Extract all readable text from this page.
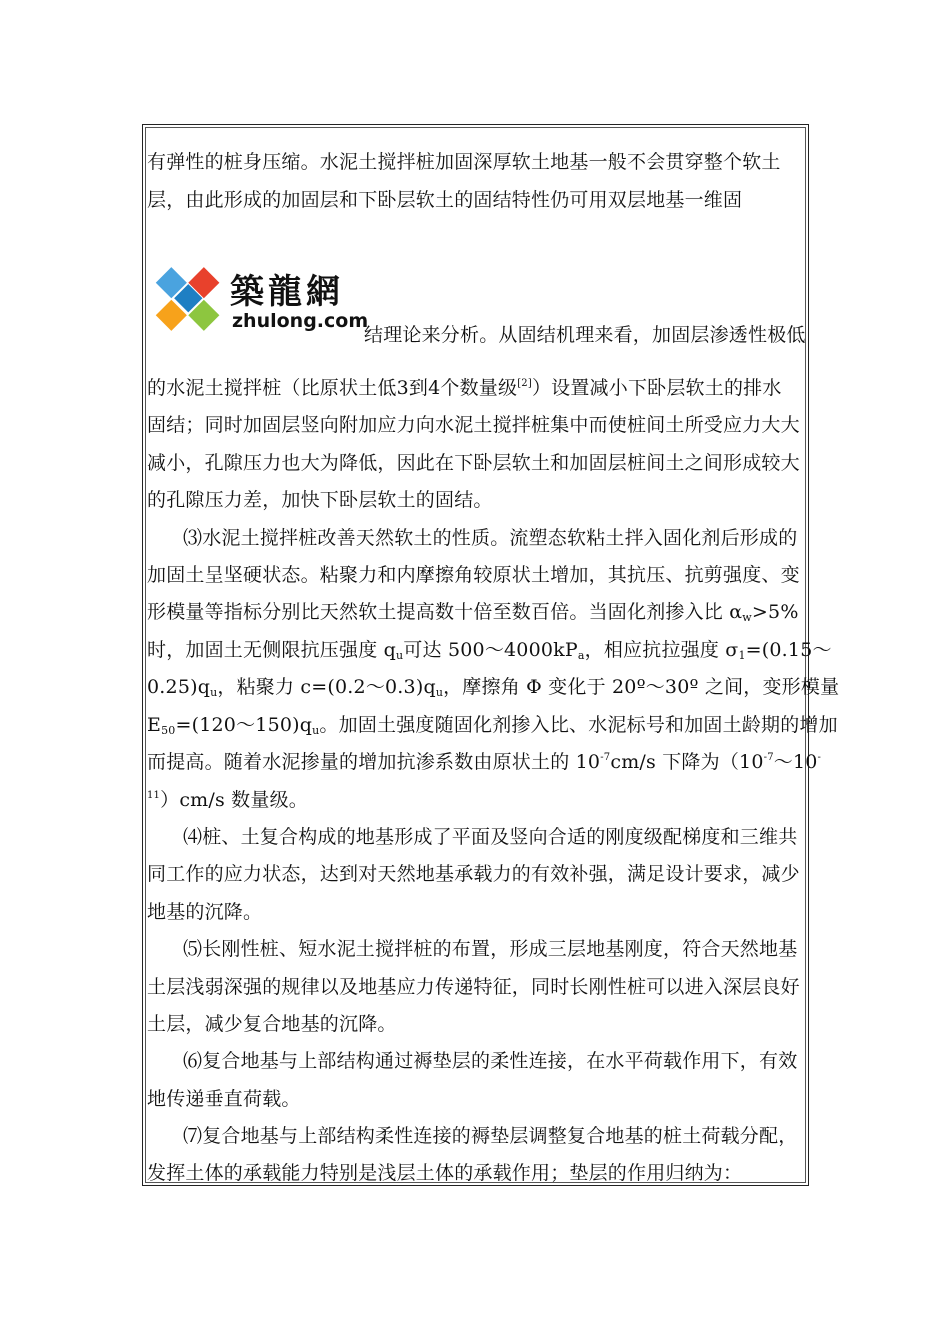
有弹性的桩身压缩。水泥土搅拌桩加固深厚软土地基一般不会贯穿整个软土
层，由此形成的加固层和下卧层软土的固结特性仍可用双层地基一维固
築龍網
zhulong.com
结理论来分析。从固结机理来看，加固层渗透性极低
的水泥土搅拌桩（比原状土低3到4个数量级[2]）设置减小下卧层软土的排水
固结；同时加固层竖向附加应力向水泥土搅拌桩集中而使桩间土所受应力大大
减小，孔隙压力也大为降低，因此在下卧层软土和加固层桩间土之间形成较大
的孔隙压力差，加快下卧层软土的固结。
⑶水泥土搅拌桩改善天然软土的性质。流塑态软粘土拌入固化剂后形成的
加固土呈坚硬状态。粘聚力和内摩擦角较原状土增加，其抗压、抗剪强度、变
形模量等指标分别比天然软土提高数十倍至数百倍。当固化剂掺入比 $\alpha_w>5\%$
时，加固土无侧限抗压强度 $q_u$可达 $500\sim 4000kP_a$，相应抗拉强度 $\sigma_1=(0.15\sim$
$0.25)q_u$，粘聚力 $c=(0.2\sim 0.3)q_u$，摩擦角 Φ 变化于 20º～30º 之间，变形模量
$E_{50}=(120\sim 150)q_u$。加固土强度随固化剂掺入比、水泥标号和加固土龄期的增加
而提高。随着水泥掺量的增加抗渗系数由原状土的 $10^{-7}cm/s$ 下降为（$10^{-7}\sim 10^-$
$^{11}$）cm/s 数量级。
⑷桩、土复合构成的地基形成了平面及竖向合适的刚度级配梯度和三维共
同工作的应力状态，达到对天然地基承载力的有效补强，满足设计要求，减少
地基的沉降。
⑸长刚性桩、短水泥土搅拌桩的布置，形成三层地基刚度，符合天然地基
土层浅弱深强的规律以及地基应力传递特征，同时长刚性桩可以进入深层良好
土层，减少复合地基的沉降。
⑹复合地基与上部结构通过褥垫层的柔性连接，在水平荷载作用下，有效
地传递垂直荷载。
⑺复合地基与上部结构柔性连接的褥垫层调整复合地基的桩土荷载分配，
发挥土体的承载能力特别是浅层土体的承载作用；垫层的作用归纳为：
